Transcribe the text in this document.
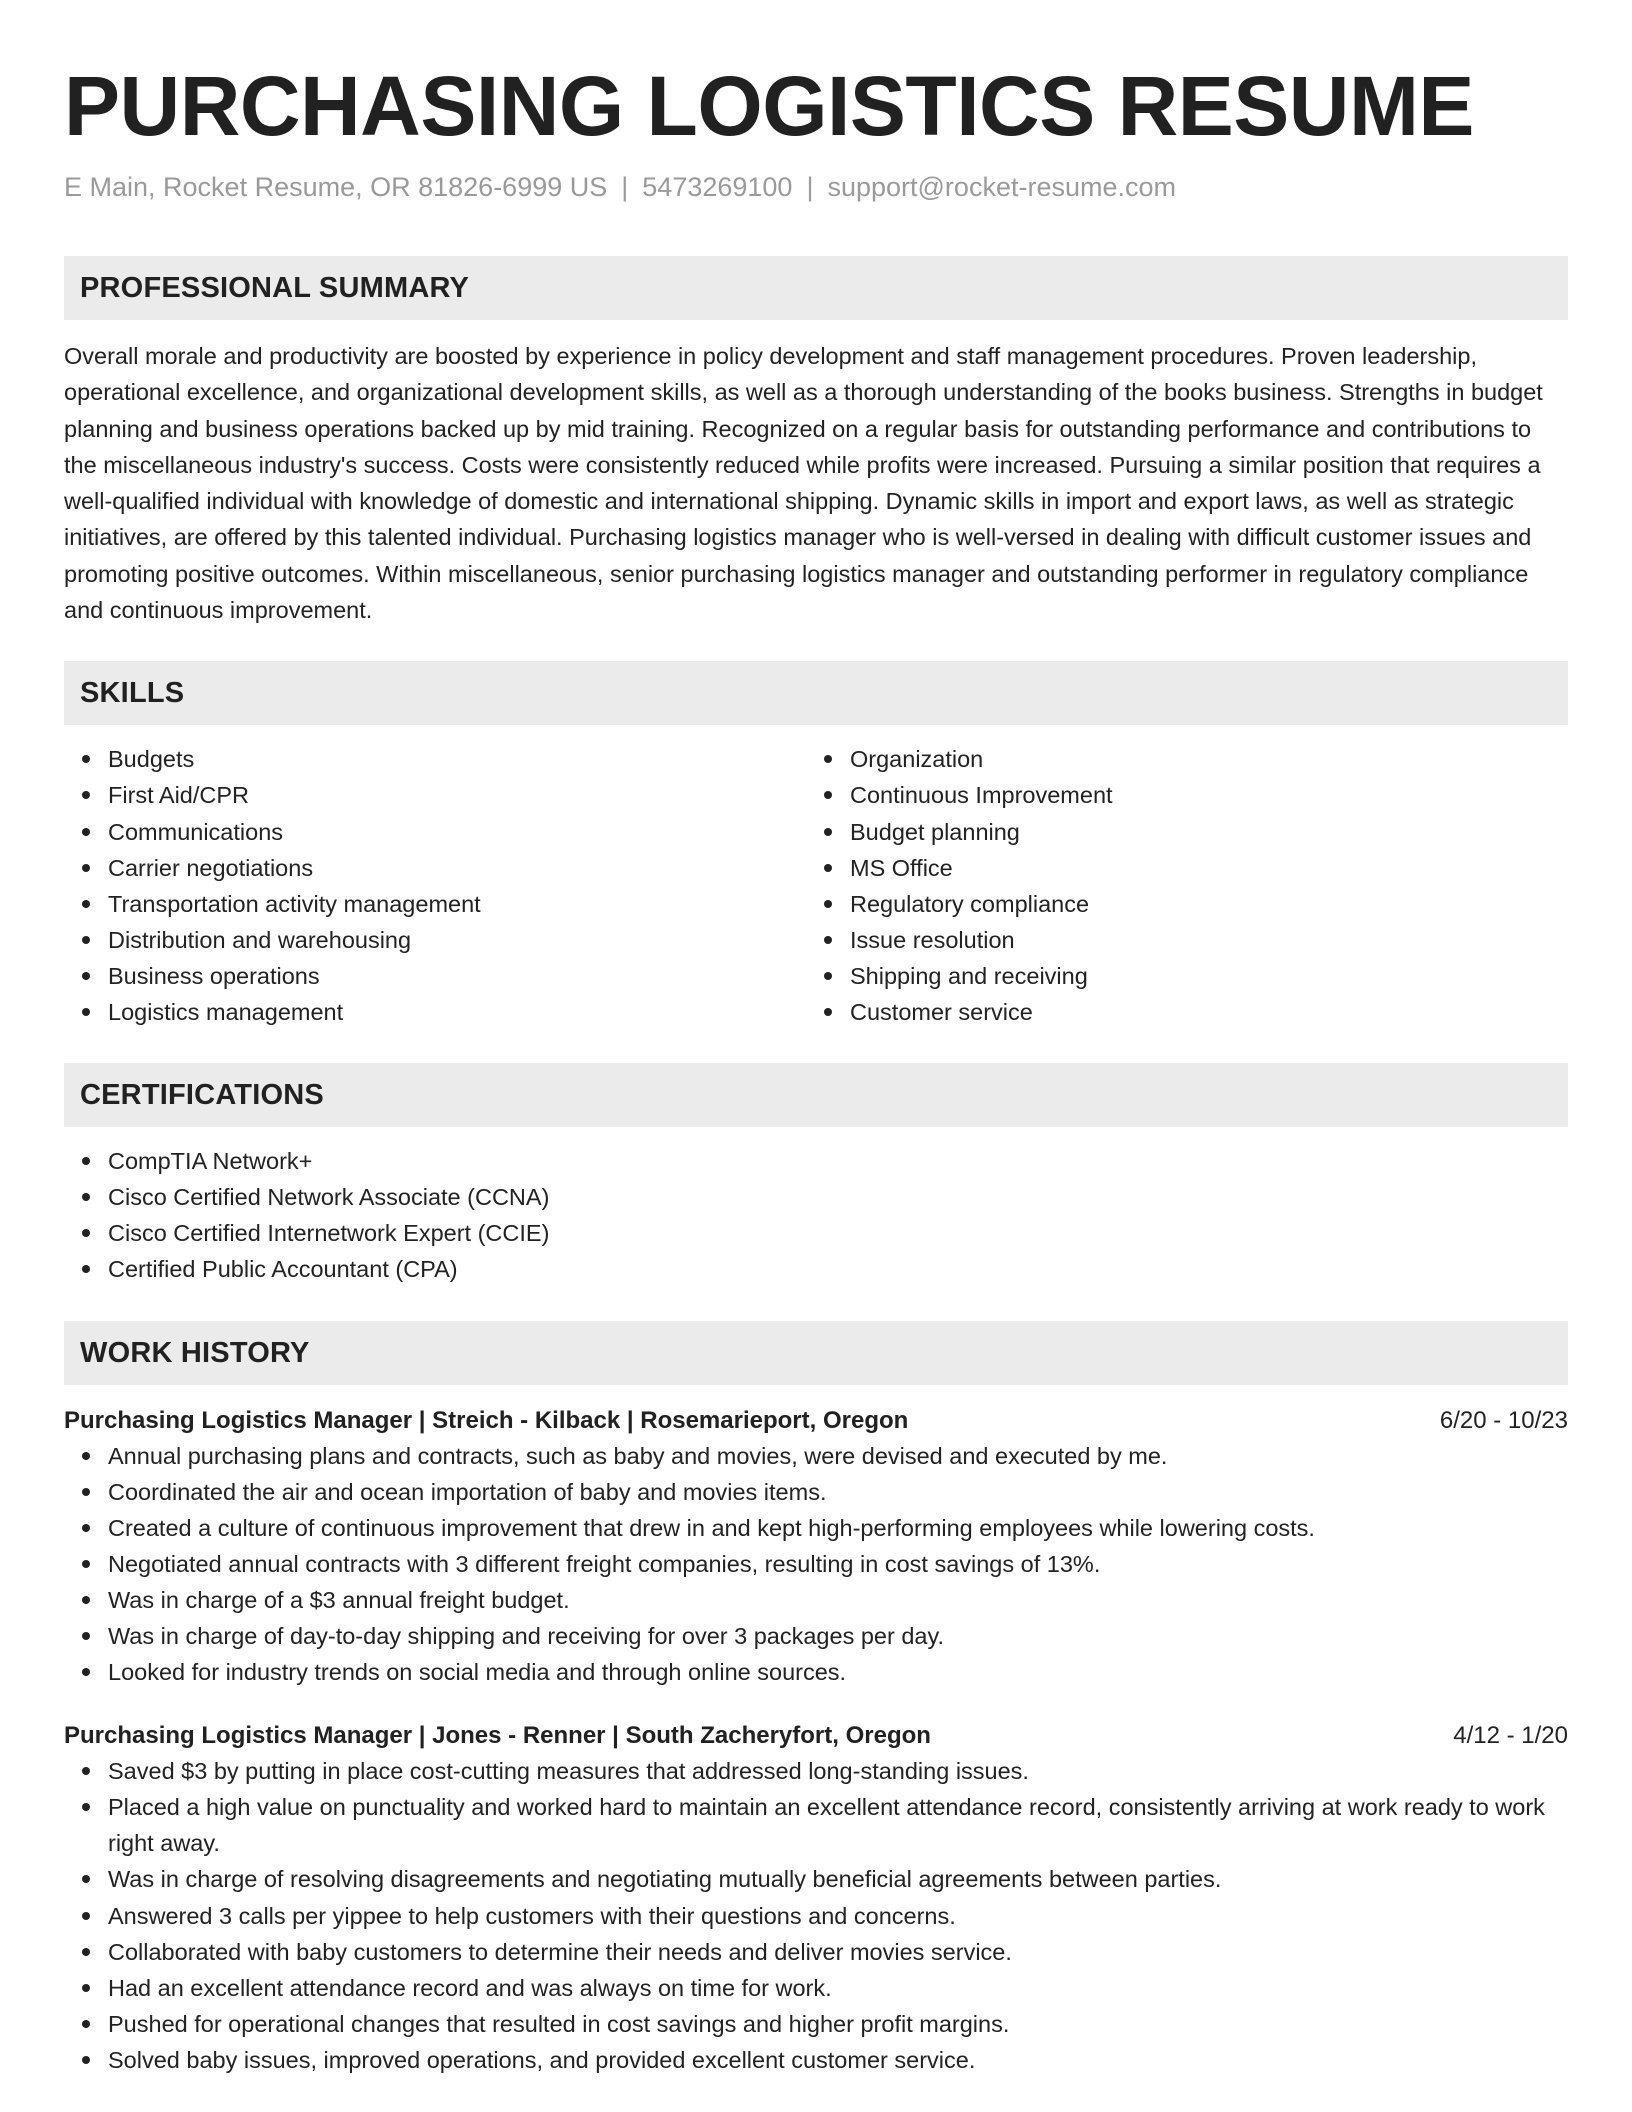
PURCHASING LOGISTICS RESUME
E Main, Rocket Resume, OR 81826-6999 US | 5473269100 | support@rocket-resume.com
PROFESSIONAL SUMMARY

Overall morale and productivity are boosted by experience in policy development and staff management procedures. Proven leadership, operational excellence, and organizational development skills, as well as a thorough understanding of the books business. Strengths in budget planning and business operations backed up by mid training. Recognized on a regular basis for outstanding performance and contributions to the miscellaneous industry's success. Costs were consistently reduced while profits were increased. Pursuing a similar position that requires a well-qualified individual with knowledge of domestic and international shipping. Dynamic skills in import and export laws, as well as strategic initiatives, are offered by this talented individual. Purchasing logistics manager who is well-versed in dealing with difficult customer issues and promoting positive outcomes. Within miscellaneous, senior purchasing logistics manager and outstanding performer in regulatory compliance and continuous improvement.

SKILLS
Budgets
First Aid/CPR
Communications
Carrier negotiations
Transportation activity management
Distribution and warehousing
Business operations
Logistics management
Organization
Continuous Improvement
Budget planning
MS Office
Regulatory compliance
Issue resolution
Shipping and receiving
Customer service
CERTIFICATIONS
CompTIA Network+
Cisco Certified Network Associate (CCNA)
Cisco Certified Internetwork Expert (CCIE)
Certified Public Accountant (CPA)
WORK HISTORY
Purchasing Logistics Manager | Streich - Kilback | Rosemarieport, Oregon	6/20 - 10/23
Annual purchasing plans and contracts, such as baby and movies, were devised and executed by me.
Coordinated the air and ocean importation of baby and movies items.
Created a culture of continuous improvement that drew in and kept high-performing employees while lowering costs.
Negotiated annual contracts with 3 different freight companies, resulting in cost savings of 13%.
Was in charge of a $3 annual freight budget.
Was in charge of day-to-day shipping and receiving for over 3 packages per day.
Looked for industry trends on social media and through online sources.
Purchasing Logistics Manager | Jones - Renner | South Zacheryfort, Oregon	4/12 - 1/20
Saved $3 by putting in place cost-cutting measures that addressed long-standing issues.
Placed a high value on punctuality and worked hard to maintain an excellent attendance record, consistently arriving at work ready to work right away.
Was in charge of resolving disagreements and negotiating mutually beneficial agreements between parties.
Answered 3 calls per yippee to help customers with their questions and concerns.
Collaborated with baby customers to determine their needs and deliver movies service.
Had an excellent attendance record and was always on time for work.
Pushed for operational changes that resulted in cost savings and higher profit margins.
Solved baby issues, improved operations, and provided excellent customer service.
